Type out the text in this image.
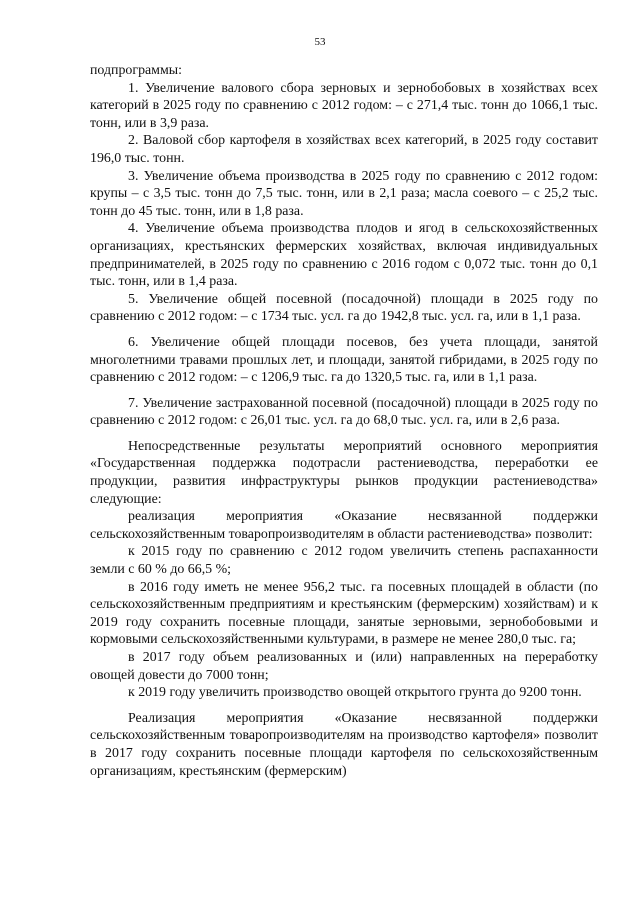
53

подпрограммы:

1. Увеличение валового сбора зерновых и зернобобовых в хозяйствах всех категорий в 2025 году по сравнению с 2012 годом: – с 271,4 тыс. тонн до 1066,1 тыс. тонн, или в 3,9 раза.

2. Валовой сбор картофеля в хозяйствах всех категорий, в 2025 году составит 196,0 тыс. тонн.

3. Увеличение объема производства в 2025 году по сравнению с 2012 годом: крупы – с 3,5 тыс. тонн до 7,5 тыс. тонн, или в 2,1 раза; масла соевого – с 25,2 тыс. тонн до 45 тыс. тонн, или в 1,8 раза.

4. Увеличение объема производства плодов и ягод в сельскохозяйственных организациях, крестьянских фермерских хозяйствах, включая индивидуальных предпринимателей, в 2025 году по сравнению с 2016 годом с 0,072 тыс. тонн до 0,1 тыс. тонн, или в 1,4 раза.

5. Увеличение общей посевной (посадочной) площади в 2025 году по сравнению с 2012 годом: – с 1734 тыс. усл. га до 1942,8 тыс. усл. га, или в 1,1 раза.

6. Увеличение общей площади посевов, без учета площади, занятой многолетними травами прошлых лет, и площади, занятой гибридами, в 2025 году по сравнению с 2012 годом: – с 1206,9 тыс. га до 1320,5 тыс. га, или в 1,1 раза.

7. Увеличение застрахованной посевной (посадочной) площади в 2025 году по сравнению с 2012 годом: с 26,01 тыс. усл. га до 68,0 тыс. усл. га, или в 2,6 раза.

Непосредственные результаты мероприятий основного мероприятия «Государственная поддержка подотрасли растениеводства, переработки ее продукции, развития инфраструктуры рынков продукции растениеводства» следующие:

реализация мероприятия «Оказание несвязанной поддержки сельскохозяйственным товаропроизводителям в области растениеводства» позволит:

к 2015 году по сравнению с 2012 годом увеличить степень распаханности земли с 60 % до 66,5 %;

в 2016 году иметь не менее 956,2 тыс. га посевных площадей в области (по сельскохозяйственным предприятиям и крестьянским (фермерским) хозяйствам) и к 2019 году сохранить посевные площади, занятые зерновыми, зернобобовыми и кормовыми сельскохозяйственными культурами, в размере не менее 280,0 тыс. га;

в 2017 году объем реализованных и (или) направленных на переработку овощей довести до 7000 тонн;

к 2019 году увеличить производство овощей открытого грунта до 9200 тонн.

Реализация мероприятия «Оказание несвязанной поддержки сельскохозяйственным товаропроизводителям на производство картофеля» позволит в 2017 году сохранить посевные площади картофеля по сельскохозяйственным организациям, крестьянским (фермерским)
